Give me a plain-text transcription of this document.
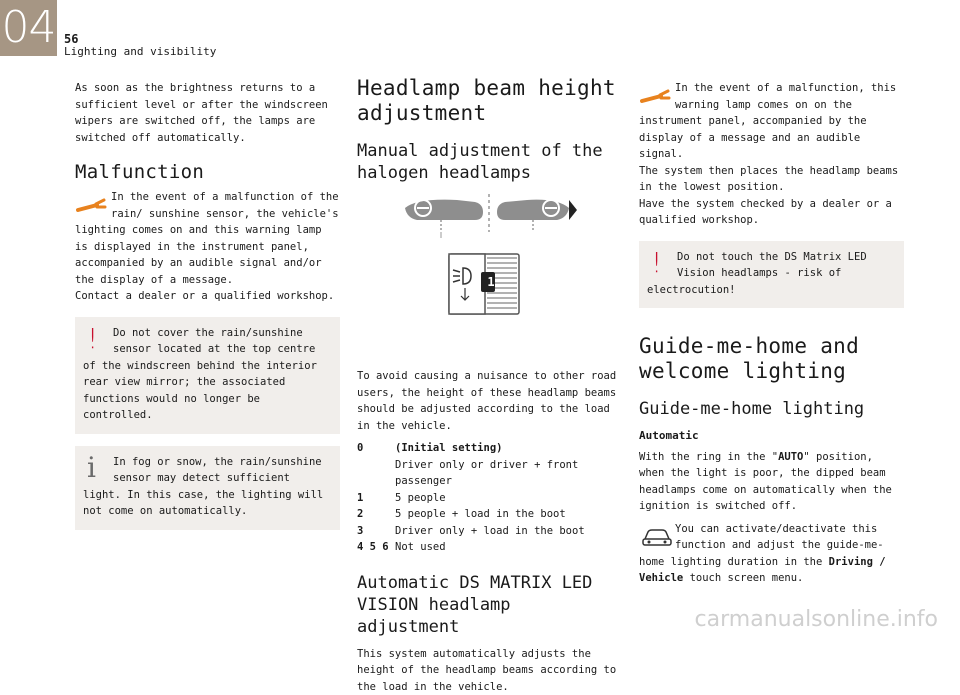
04 56
Lighting and visibility

As soon as the brightness returns to a sufficient level or after the windscreen wipers are switched off, the lamps are switched off automatically.

Malfunction

In the event of a malfunction of the rain/ sunshine sensor, the vehicle's lighting comes on and this warning lamp is displayed in the instrument panel, accompanied by an audible signal and/or the display of a message.

Contact a dealer or a qualified workshop.

!	Do not cover the rain/sunshine sensor located at the top centre of the windscreen behind the interior rear view mirror; the associated functions would no longer be controlled.

i	In fog or snow, the rain/sunshine sensor may detect sufficient light. In this case, the lighting will not come on automatically.

Headlamp beam height adjustment
Manual adjustment of the halogen headlamps
1

To avoid causing a nuisance to other road users, the height of these headlamp beams should be adjusted according to the load in the vehicle.

0	(Initial setting)
Driver only or driver + front passenger
1	5 people
2	5 people + load in the boot
3	Driver only + load in the boot
4 5 6 Not used
Automatic DS MATRIX LED VISION headlamp adjustment

This system automatically adjusts the height of the headlamp beams according to the load in the vehicle.

In the event of a malfunction, this warning lamp comes on on the instrument panel, accompanied by the display of a message and an audible signal.

The system then places the headlamp beams in the lowest position.

Have the system checked by a dealer or a qualified workshop.

!	Do not touch the DS Matrix LED Vision headlamps - risk of electrocution!

Guide-me-home and welcome lighting
Guide-me-home lighting
Automatic

With the ring in the "AUTO" position, when the light is poor, the dipped beam headlamps come on automatically when the ignition is switched off.

You can activate/deactivate this function and adjust the guide-me-home lighting duration in the Driving / Vehicle touch screen menu.

carmanualsonline.info
